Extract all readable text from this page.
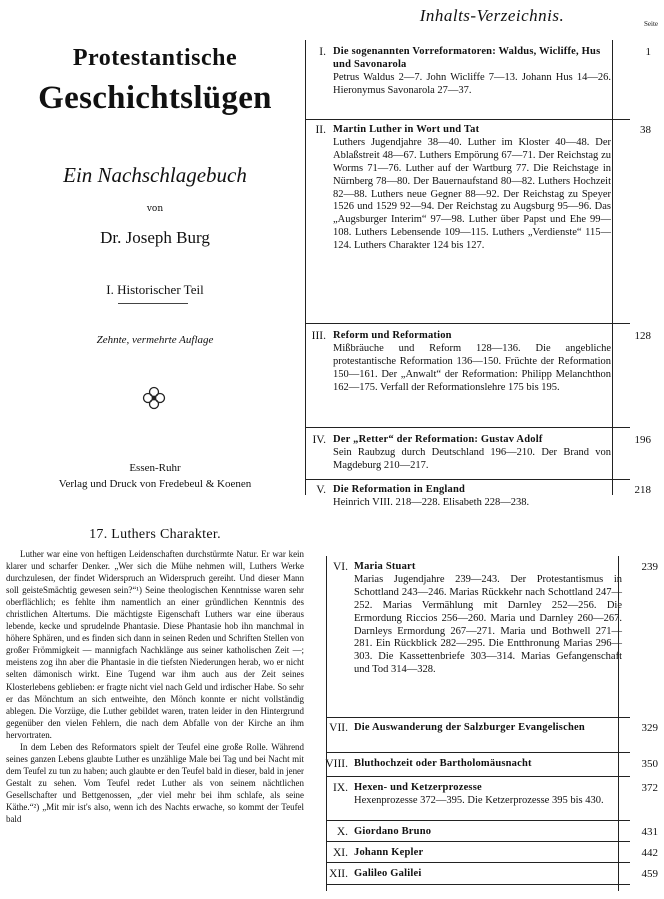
Protestantische
Geschichtslügen
Ein Nachschlagebuch
von
Dr. Joseph Burg
I. Historischer Teil
Zehnte, vermehrte Auflage
Essen-Ruhr
Verlag und Druck von Fredebeul & Koenen
Inhalts-Verzeichnis.	Seite
I. Die sogenannten Vorreformatoren: Waldus, Wicliffe, Hus und Savonarola
Petrus Waldus 2—7. John Wicliffe 7—13. Johann Hus 14—26. Hieronymus Savonarola 27—37.
1
II. Martin Luther in Wort und Tat
Luthers Jugendjahre 38—40. Luther im Kloster 40—48. Der Ablaßstreit 48—67. Luthers Empörung 67—71. Der Reichstag zu Worms 71—76. Luther auf der Wartburg 77. Die Reichstage in Nürnberg 78—80. Der Bauernaufstand 80—82. Luthers Hochzeit 82—88. Luthers neue Gegner 88—92. Der Reichstag zu Speyer 1526 und 1529 92—94. Der Reichstag zu Augsburg 95—96. Das „Augsburger Interim“ 97—98. Luther über Papst und Ehe 99—108. Luthers Lebensende 109—115. Luthers „Verdienste“ 115—124. Luthers Charakter 124 bis 127.
38
III. Reform und Reformation
Mißbräuche und Reform 128—136. Die angebliche protestantische Reformation 136—150. Früchte der Reformation 150—161. Der „Anwalt“ der Reformation: Philipp Melanchthon 162—175. Verfall der Reformationslehre 175 bis 195.
128
IV. Der „Retter“ der Reformation: Gustav Adolf
Sein Raubzug durch Deutschland 196—210. Der Brand von Magdeburg 210—217.
196
V. Die Reformation in England
Heinrich VIII. 218—228. Elisabeth 228—238.
218
VI. Maria Stuart
Marias Jugendjahre 239—243. Der Protestantismus in Schottland 243—246. Marias Rückkehr nach Schottland 247—252. Marias Vermählung mit Darnley 252—256. Die Ermordung Riccios 256—260. Maria und Darnley 260—267. Darnleys Ermordung 267—271. Maria und Bothwell 271—281. Ein Rückblick 282—295. Die Entthronung Marias 296—303. Die Kassettenbriefe 303—314. Marias Gefangenschaft und Tod 314—328.
239
VII. Die Auswanderung der Salzburger Evangelischen	329
VIII. Bluthochzeit oder Bartholomäusnacht	350
IX. Hexen- und Ketzerprozesse
Hexenprozesse 372—395. Die Ketzerprozesse 395 bis 430.
372
X. Giordano Bruno	431
XI. Johann Kepler	442
XII. Galileo Galilei	459
17. Luthers Charakter.

Luther war eine von heftigen Leidenschaften durchstürmte Natur. Er war kein klarer und scharfer Denker. „Wer sich die Mühe nehmen will, Luthers Werke durchzulesen, der findet Widerspruch an Widerspruch gereiht. Und dieser Mann soll geisteSmächtig gewesen sein?“¹) Seine theologischen Kenntnisse waren sehr oberflächlich; es fehlte ihm namentlich an einer gründlichen Kenntnis des christlichen Altertums. Die mächtigste Eigenschaft Luthers war eine überaus lebende, kecke und sprudelnde Phantasie. Diese Phantasie hob ihn manchmal in höhere Sphären, und es finden sich dann in seinen Reden und Schriften Stellen von großer Frömmigkeit — mannigfach Nachklänge aus seiner katholischen Zeit —; meistens zog ihn aber die Phantasie in die tiefsten Niederungen herab, wo er nicht selten dämonisch wirkt. Eine Tugend war ihm auch aus der Zeit seines Klosterlebens geblieben: er fragte nicht viel nach Geld und irdischer Habe. So sehr er das Mönchtum an sich entweihte, den Mönch konnte er nicht vollständig ablegen. Die Vorzüge, die Luther gebildet waren, traten leider in den Hintergrund gegenüber den vielen Fehlern, die nach dem Abfalle von der Kirche an ihm hervortraten.

In dem Leben des Reformators spielt der Teufel eine große Rolle. Während seines ganzen Lebens glaubte Luther es unzählige Male bei Tag und bei Nacht mit dem Teufel zu tun zu haben; auch glaubte er den Teufel bald in dieser, bald in jener Gestalt zu sehen. Vom Teufel redet Luther als von seinem nächtlichen Gesellschafter und Bettgenossen, „der viel mehr bei ihm schlafe, als seine Käthe.“²) „Mit mir ist's also, wenn ich des Nachts erwache, so kommt der Teufel bald
